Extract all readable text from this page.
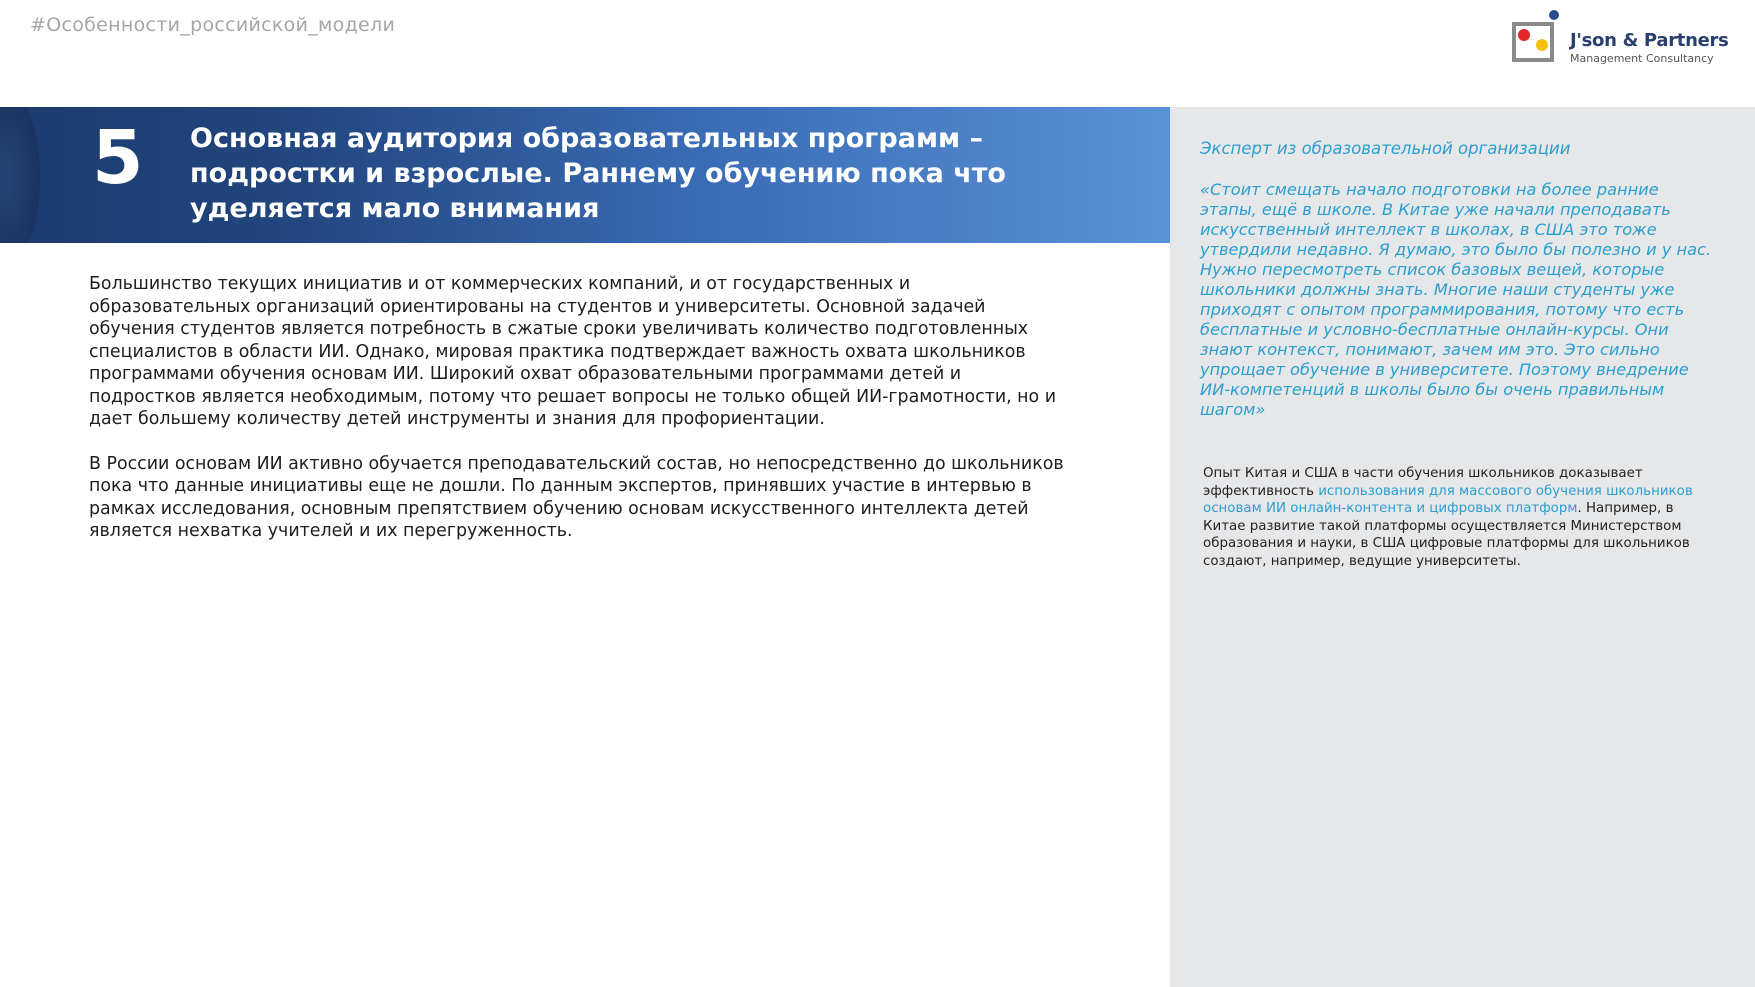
#Особенности_российской_модели
J'son & Partners
Management Consultancy
5 Основная аудитория образовательных программ – подростки и взрослые. Раннему обучению пока что уделяется мало внимания

Большинство текущих инициатив и от коммерческих компаний, и от государственных и образовательных организаций ориентированы на студентов и университеты. Основной задачей обучения студентов является потребность в сжатые сроки увеличивать количество подготовленных специалистов в области ИИ. Однако, мировая практика подтверждает важность охвата школьников программами обучения основам ИИ. Широкий охват образовательными программами детей и подростков является необходимым, потому что решает вопросы не только общей ИИ-грамотности, но и дает большему количеству детей инструменты и знания для профориентации.

В России основам ИИ активно обучается преподавательский состав, но непосредственно до школьников пока что данные инициативы еще не дошли. По данным экспертов, принявших участие в интервью в рамках исследования, основным препятствием обучению основам искусственного интеллекта детей является нехватка учителей и их перегруженность.

Эксперт из образовательной организации
«Стоит смещать начало подготовки на более ранние этапы, ещё в школе. В Китае уже начали преподавать искусственный интеллект в школах, в США это тоже утвердили недавно. Я думаю, это было бы полезно и у нас. Нужно пересмотреть список базовых вещей, которые школьники должны знать. Многие наши студенты уже приходят с опытом программирования, потому что есть бесплатные и условно-бесплатные онлайн-курсы. Они знают контекст, понимают, зачем им это. Это сильно упрощает обучение в университете. Поэтому внедрение ИИ-компетенций в школы было бы очень правильным шагом»
Опыт Китая и США в части обучения школьников доказывает эффективность использования для массового обучения школьников основам ИИ онлайн-контента и цифровых платформ. Например, в Китае развитие такой платформы осуществляется Министерством образования и науки, в США цифровые платформы для школьников создают, например, ведущие университеты.
